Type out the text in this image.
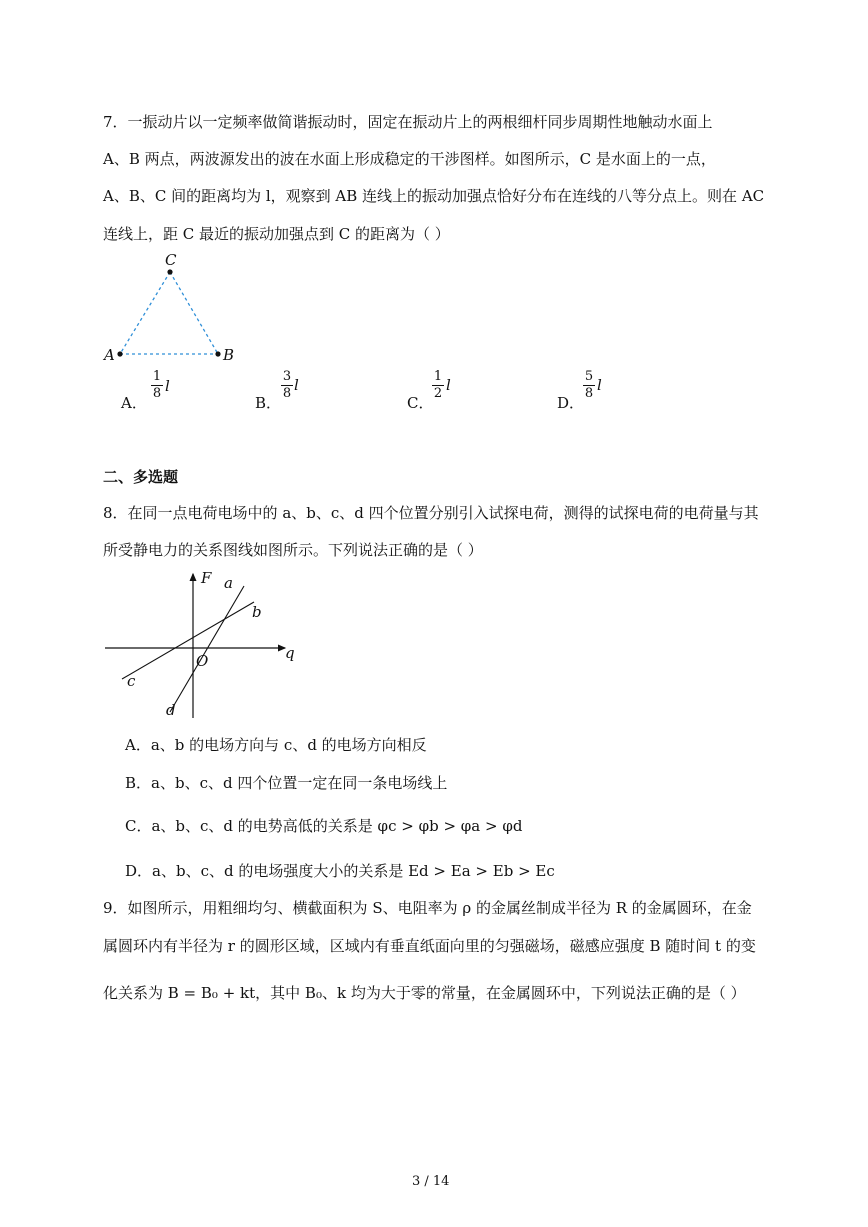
7．一振动片以一定频率做简谐振动时，固定在振动片上的两根细杆同步周期性地触动水面上
A、B 两点，两波源发出的波在水面上形成稳定的干涉图样。如图所示，C 是水面上的一点，
A、B、C 间的距离均为 l，观察到 AB 连线上的振动加强点恰好分布在连线的八等分点上。则在 AC
连线上，距 C 最近的振动加强点到 C 的距离为（ ）
C
A	B
A．
1
8 l
B．
3
8 l
C．
1
2 l
D．
5
8 l
二、多选题
8．在同一点电荷电场中的 a、b、c、d 四个位置分别引入试探电荷，测得的试探电荷的电荷量与其
所受静电力的关系图线如图所示。下列说法正确的是（ ）
F
q
O
a
b
c
d
A．a、b 的电场方向与 c、d 的电场方向相反
B．a、b、c、d 四个位置一定在同一条电场线上
C．a、b、c、d 的电势高低的关系是 φc > φb > φa > φd
D．a、b、c、d 的电场强度大小的关系是 Ed > Ea > Eb > Ec
9．如图所示，用粗细均匀、横截面积为 S、电阻率为 ρ 的金属丝制成半径为 R 的金属圆环，在金
属圆环内有半径为 r 的圆形区域，区域内有垂直纸面向里的匀强磁场，磁感应强度 B 随时间 t 的变
化关系为 B = B₀ + kt，其中 B₀、k 均为大于零的常量，在金属圆环中，下列说法正确的是（ ）
3 / 14
